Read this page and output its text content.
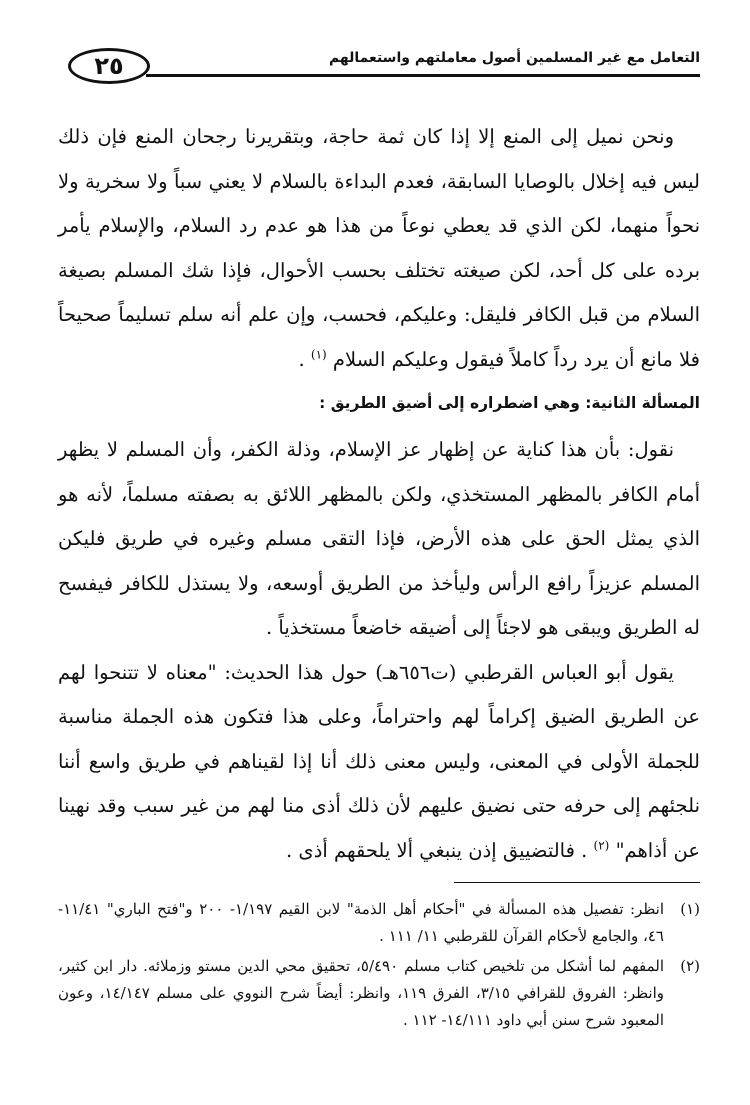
التعامل مع غير المسلمين أصول معاملتهم واستعمالهم
٢٥

ونحن نميل إلى المنع إلا إذا كان ثمة حاجة، وبتقريرنا رجحان المنع فإن ذلك ليس فيه إخلال بالوصايا السابقة، فعدم البداءة بالسلام لا يعني سباً ولا سخرية ولا نحواً منهما، لكن الذي قد يعطي نوعاً من هذا هو عدم رد السلام، والإسلام يأمر برده على كل أحد، لكن صيغته تختلف بحسب الأحوال، فإذا شك المسلم بصيغة السلام من قبل الكافر فليقل: وعليكم، فحسب، وإن علم أنه سلم تسليماً صحيحاً فلا مانع أن يرد رداً كاملاً فيقول وعليكم السلام $^{(١)}$ .

المسألة الثانية: وهي اضطراره إلى أضيق الطريق :

نقول: بأن هذا كناية عن إظهار عز الإسلام، وذلة الكفر، وأن المسلم لا يظهر أمام الكافر بالمظهر المستخذي، ولكن بالمظهر اللائق به بصفته مسلماً، لأنه هو الذي يمثل الحق على هذه الأرض، فإذا التقى مسلم وغيره في طريق فليكن المسلم عزيزاً رافع الرأس وليأخذ من الطريق أوسعه، ولا يستذل للكافر فيفسح له الطريق ويبقى هو لاجئاً إلى أضيقه خاضعاً مستخذياً .

يقول أبو العباس القرطبي (ت٦٥٦هـ) حول هذا الحديث: "معناه لا تتنحوا لهم عن الطريق الضيق إكراماً لهم واحتراماً، وعلى هذا فتكون هذه الجملة مناسبة للجملة الأولى في المعنى، وليس معنى ذلك أنا إذا لقيناهم في طريق واسع أننا نلجئهم إلى حرفه حتى نضيق عليهم لأن ذلك أذى منا لهم من غير سبب وقد نهينا عن أذاهم" $^{(٢)}$ . فالتضييق إذن ينبغي ألا يلحقهم أذى .

(١)
انظر: تفصيل هذه المسألة في "أحكام أهل الذمة" لابن القيم ١/١٩٧- ٢٠٠ و"فتح الباري" ١١/٤١- ٤٦، والجامع لأحكام القرآن للقرطبي ١١/ ١١١ .
(٢)
المفهم لما أشكل من تلخيص كتاب مسلم ٥/٤٩٠، تحقيق محي الدين مستو وزملائه. دار ابن كثير، وانظر: الفروق للقرافي ٣/١٥، الفرق ١١٩، وانظر: أيضاً شرح النووي على مسلم ١٤/١٤٧، وعون المعبود شرح سنن أبي داود ١٤/١١١- ١١٢ .
